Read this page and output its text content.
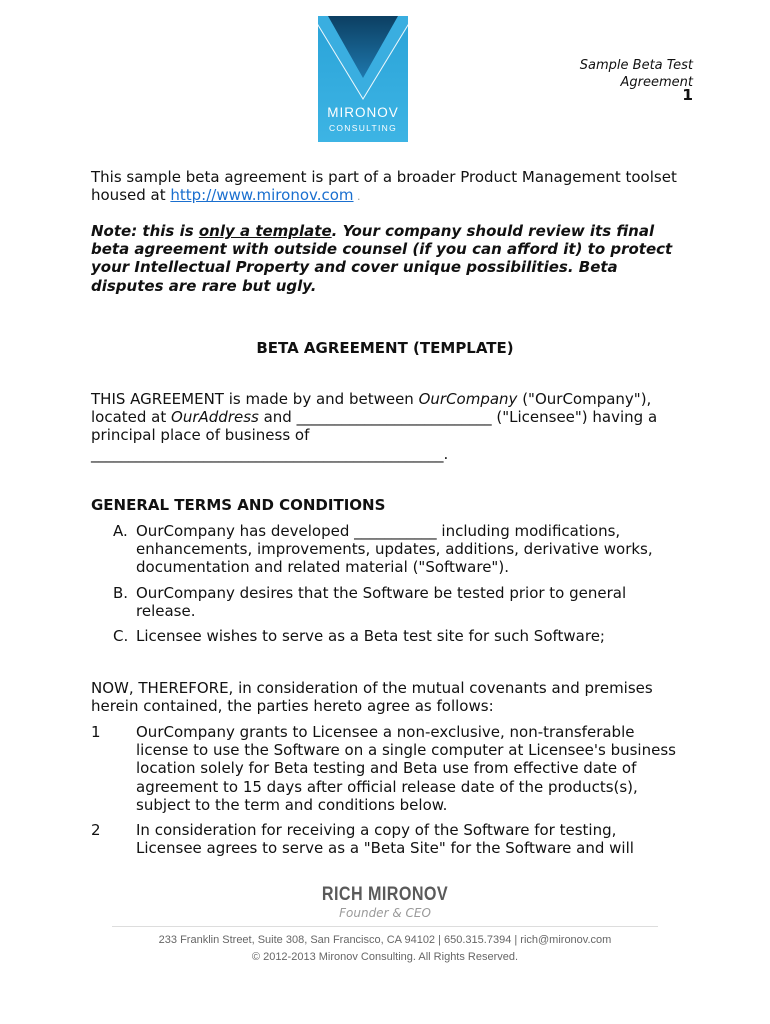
MIRONOV
CONSULTING
Sample Beta Test
Agreement
1
This sample beta agreement is part of a broader Product Management toolset housed at http://www.mironov.com .
Note: this is only a template. Your company should review its final beta agreement with outside counsel (if you can afford it) to protect your Intellectual Property and cover unique possibilities. Beta disputes are rare but ugly.
BETA AGREEMENT (TEMPLATE)
THIS AGREEMENT is made by and between OurCompany ("OurCompany"), located at OurAddress and __________________________ ("Licensee") having a principal place of business of
_______________________________________________.
GENERAL TERMS AND CONDITIONS
A. OurCompany has developed ___________ including modifications, enhancements, improvements, updates, additions, derivative works, documentation and related material ("Software").
B. OurCompany desires that the Software be tested prior to general release.
C. Licensee wishes to serve as a Beta test site for such Software;
NOW, THEREFORE, in consideration of the mutual covenants and premises herein contained, the parties hereto agree as follows:
1 OurCompany grants to Licensee a non-exclusive, non-transferable license to use the Software on a single computer at Licensee's business location solely for Beta testing and Beta use from effective date of agreement to 15 days after official release date of the products(s), subject to the term and conditions below.
2 In consideration for receiving a copy of the Software for testing, Licensee agrees to serve as a "Beta Site" for the Software and will
RICH MIRONOV
Founder & CEO
233 Franklin Street, Suite 308, San Francisco, CA 94102 | 650.315.7394 | rich@mironov.com
© 2012-2013 Mironov Consulting. All Rights Reserved.
